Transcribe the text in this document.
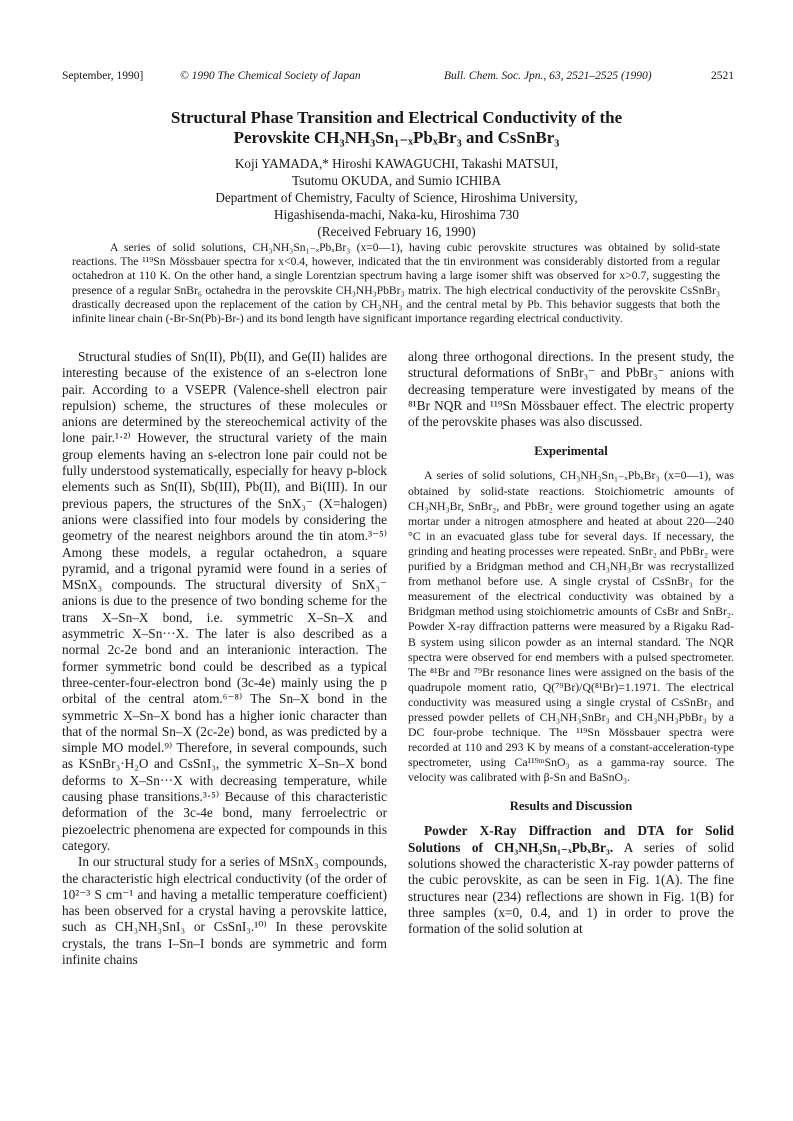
September, 1990]	© 1990 The Chemical Society of Japan	Bull. Chem. Soc. Jpn., 63, 2521–2525 (1990)	2521
Structural Phase Transition and Electrical Conductivity of the
Perovskite CH₃NH₃Sn₁₋ₓPbₓBr₃ and CsSnBr₃
Koji YAMADA,* Hiroshi KAWAGUCHI, Takashi MATSUI,
Tsutomu OKUDA, and Sumio ICHIBA
Department of Chemistry, Faculty of Science, Hiroshima University,
Higashisenda-machi, Naka-ku, Hiroshima 730
(Received February 16, 1990)

A series of solid solutions, CH₃NH₃Sn₁₋ₓPbₓBr₃ (x=0—1), having cubic perovskite structures was obtained by solid-state reactions. The ¹¹⁹Sn Mössbauer spectra for x<0.4, however, indicated that the tin environment was considerably distorted from a regular octahedron at 110 K. On the other hand, a single Lorentzian spectrum having a large isomer shift was observed for x>0.7, suggesting the presence of a regular SnBr₆ octahedra in the perovskite CH₃NH₃PbBr₃ matrix. The high electrical conductivity of the perovskite CsSnBr₃ drastically decreased upon the replacement of the cation by CH₃NH₃ and the central metal by Pb. This behavior suggests that both the infinite linear chain (-Br-Sn(Pb)-Br-) and its bond length have significant importance regarding electrical conductivity.

Structural studies of Sn(II), Pb(II), and Ge(II) halides are interesting because of the existence of an s-electron lone pair. According to a VSEPR (Valence-shell electron pair repulsion) scheme, the structures of these molecules or anions are determined by the stereochemical activity of the lone pair.¹·²⁾ However, the structural variety of the main group elements having an s-electron lone pair could not be fully understood systematically, especially for heavy p-block elements such as Sn(II), Sb(III), Pb(II), and Bi(III). In our previous papers, the structures of the SnX₃⁻ (X=halogen) anions were classified into four models by considering the geometry of the nearest neighbors around the tin atom.³⁻⁵⁾ Among these models, a regular octahedron, a square pyramid, and a trigonal pyramid were found in a series of MSnX₃ compounds. The structural diversity of SnX₃⁻ anions is due to the presence of two bonding scheme for the trans X–Sn–X bond, i.e. symmetric X–Sn–X and asymmetric X–Sn···X. The later is also described as a normal 2c-2e bond and an interanionic interaction. The former symmetric bond could be described as a typical three-center-four-electron bond (3c-4e) mainly using the p orbital of the central atom.⁶⁻⁸⁾ The Sn–X bond in the symmetric X–Sn–X bond has a higher ionic character than that of the normal Sn–X (2c-2e) bond, as was predicted by a simple MO model.⁹⁾ Therefore, in several compounds, such as KSnBr₃·H₂O and CsSnI₃, the symmetric X–Sn–X bond deforms to X–Sn···X with decreasing temperature, while causing phase transitions.³·⁵⁾ Because of this characteristic deformation of the 3c-4e bond, many ferroelectric or piezoelectric phenomena are expected for compounds in this category.

In our structural study for a series of MSnX₃ compounds, the characteristic high electrical conductivity (of the order of 10²⁻³ S cm⁻¹ and having a metallic temperature coefficient) has been observed for a crystal having a perovskite lattice, such as CH₃NH₃SnI₃ or CsSnI₃.¹⁰⁾ In these perovskite crystals, the trans I–Sn–I bonds are symmetric and form infinite chains

along three orthogonal directions. In the present study, the structural deformations of SnBr₃⁻ and PbBr₃⁻ anions with decreasing temperature were investigated by means of the ⁸¹Br NQR and ¹¹⁹Sn Mössbauer effect. The electric property of the perovskite phases was also discussed.

Experimental

A series of solid solutions, CH₃NH₃Sn₁₋ₓPbₓBr₃ (x=0—1), was obtained by solid-state reactions. Stoichiometric amounts of CH₃NH₃Br, SnBr₂, and PbBr₂ were ground together using an agate mortar under a nitrogen atmosphere and heated at about 220—240 °C in an evacuated glass tube for several days. If necessary, the grinding and heating processes were repeated. SnBr₂ and PbBr₂ were purified by a Bridgman method and CH₃NH₃Br was recrystallized from methanol before use. A single crystal of CsSnBr₃ for the measurement of the electrical conductivity was obtained by a Bridgman method using stoichiometric amounts of CsBr and SnBr₂. Powder X-ray diffraction patterns were measured by a Rigaku Rad-B system using silicon powder as an internal standard. The NQR spectra were observed for end members with a pulsed spectrometer. The ⁸¹Br and ⁷⁹Br resonance lines were assigned on the basis of the quadrupole moment ratio, Q(⁷⁹Br)/Q(⁸¹Br)=1.1971. The electrical conductivity was measured using a single crystal of CsSnBr₃ and pressed powder pellets of CH₃NH₃SnBr₃ and CH₃NH₃PbBr₃ by a DC four-probe technique. The ¹¹⁹Sn Mössbauer spectra were recorded at 110 and 293 K by means of a constant-acceleration-type spectrometer, using Ca¹¹⁹ᵐSnO₃ as a gamma-ray source. The velocity was calibrated with β-Sn and BaSnO₃.

Results and Discussion

Powder X-Ray Diffraction and DTA for Solid Solutions of CH₃NH₃Sn₁₋ₓPbₓBr₃. A series of solid solutions showed the characteristic X-ray powder patterns of the cubic perovskite, as can be seen in Fig. 1(A). The fine structures near (234) reflections are shown in Fig. 1(B) for three samples (x=0, 0.4, and 1) in order to prove the formation of the solid solution at
